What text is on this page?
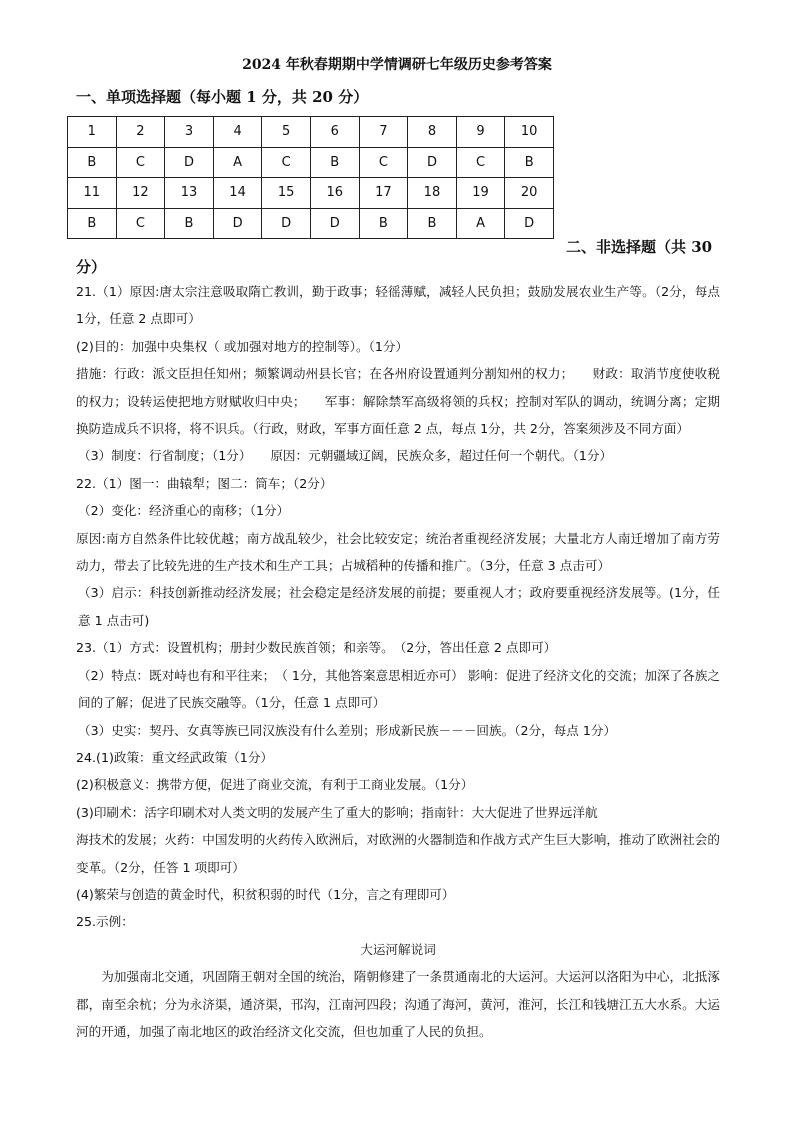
2024 年秋春期期中学情调研七年级历史参考答案
一、单项选择题（每小题 1 分，共 20 分）
1	2	3	4	5	6	7	8	9	10
B	C	D	A	C	B	C	D	C	B
11	12	13	14	15	16	17	18	19	20
B	C	B	D	D	D	B	B	A	D
二、非选择题（共 30
分）

21.（1）原因:唐太宗注意吸取隋亡教训，勤于政事；轻徭薄赋，减轻人民负担；鼓励发展农业生产等。（2分，每点 1分，任意 2 点即可）

(2)目的：加强中央集权（ 或加强对地方的控制等）。（1分）

措施：行政：派文臣担任知州；频繁调动州县长官；在各州府设置通判分割知州的权力；　　财政：取消节度使收税的权力；设转运使把地方财赋收归中央；　　军事：解除禁军高级将领的兵权；控制对军队的调动，统调分离；定期换防造成兵不识将，将不识兵。（行政，财政，军事方面任意 2 点，每点 1分，共 2分，答案须涉及不同方面）

（3）制度：行省制度；（1分）　　原因：元朝疆域辽阔，民族众多，超过任何一个朝代。（1分）

22.（1）图一：曲辕犁；图二：筒车；（2分）

（2）变化：经济重心的南移；（1分）

原因:南方自然条件比较优越；南方战乱较少，社会比较安定；统治者重视经济发展；大量北方人南迁增加了南方劳动力，带去了比较先进的生产技术和生产工具；占城稻种的传播和推广。（3分，任意 3 点击可）

（3）启示：科技创新推动经济发展；社会稳定是经济发展的前提；要重视人才；政府要重视经济发展等。(1分，任意 1 点击可)

23.（1）方式：设置机构；册封少数民族首领；和亲等。　（2分，答出任意 2 点即可）

（2）特点：既对峙也有和平往来；　（ 1分，其他答案意思相近亦可） 影响：促进了经济文化的交流；加深了各族之间的了解；促进了民族交融等。（1分，任意 1 点即可）

（3）史实：契丹、女真等族已同汉族没有什么差别；形成新民族－－－回族。（2分，每点 1分）

24.(1)政策：重文经武政策（1分）

(2)积极意义：携带方便，促进了商业交流，有利于工商业发展。（1分）

(3)印刷术：活字印刷术对人类文明的发展产生了重大的影响；指南针：大大促进了世界远洋航

海技术的发展；火药：中国发明的火药传入欧洲后，对欧洲的火器制造和作战方式产生巨大影响，推动了欧洲社会的变革。（2分，任答 1 项即可）

(4)繁荣与创造的黄金时代，积贫积弱的时代（1分，言之有理即可）

25.示例：

大运河解说词

为加强南北交通，巩固隋王朝对全国的统治，隋朝修建了一条贯通南北的大运河。大运河以洛阳为中心，北抵涿郡，南至余杭；分为永济渠，通济渠，邗沟，江南河四段；沟通了海河，黄河，淮河，长江和钱塘江五大水系。大运河的开通，加强了南北地区的政治经济文化交流，但也加重了人民的负担。
